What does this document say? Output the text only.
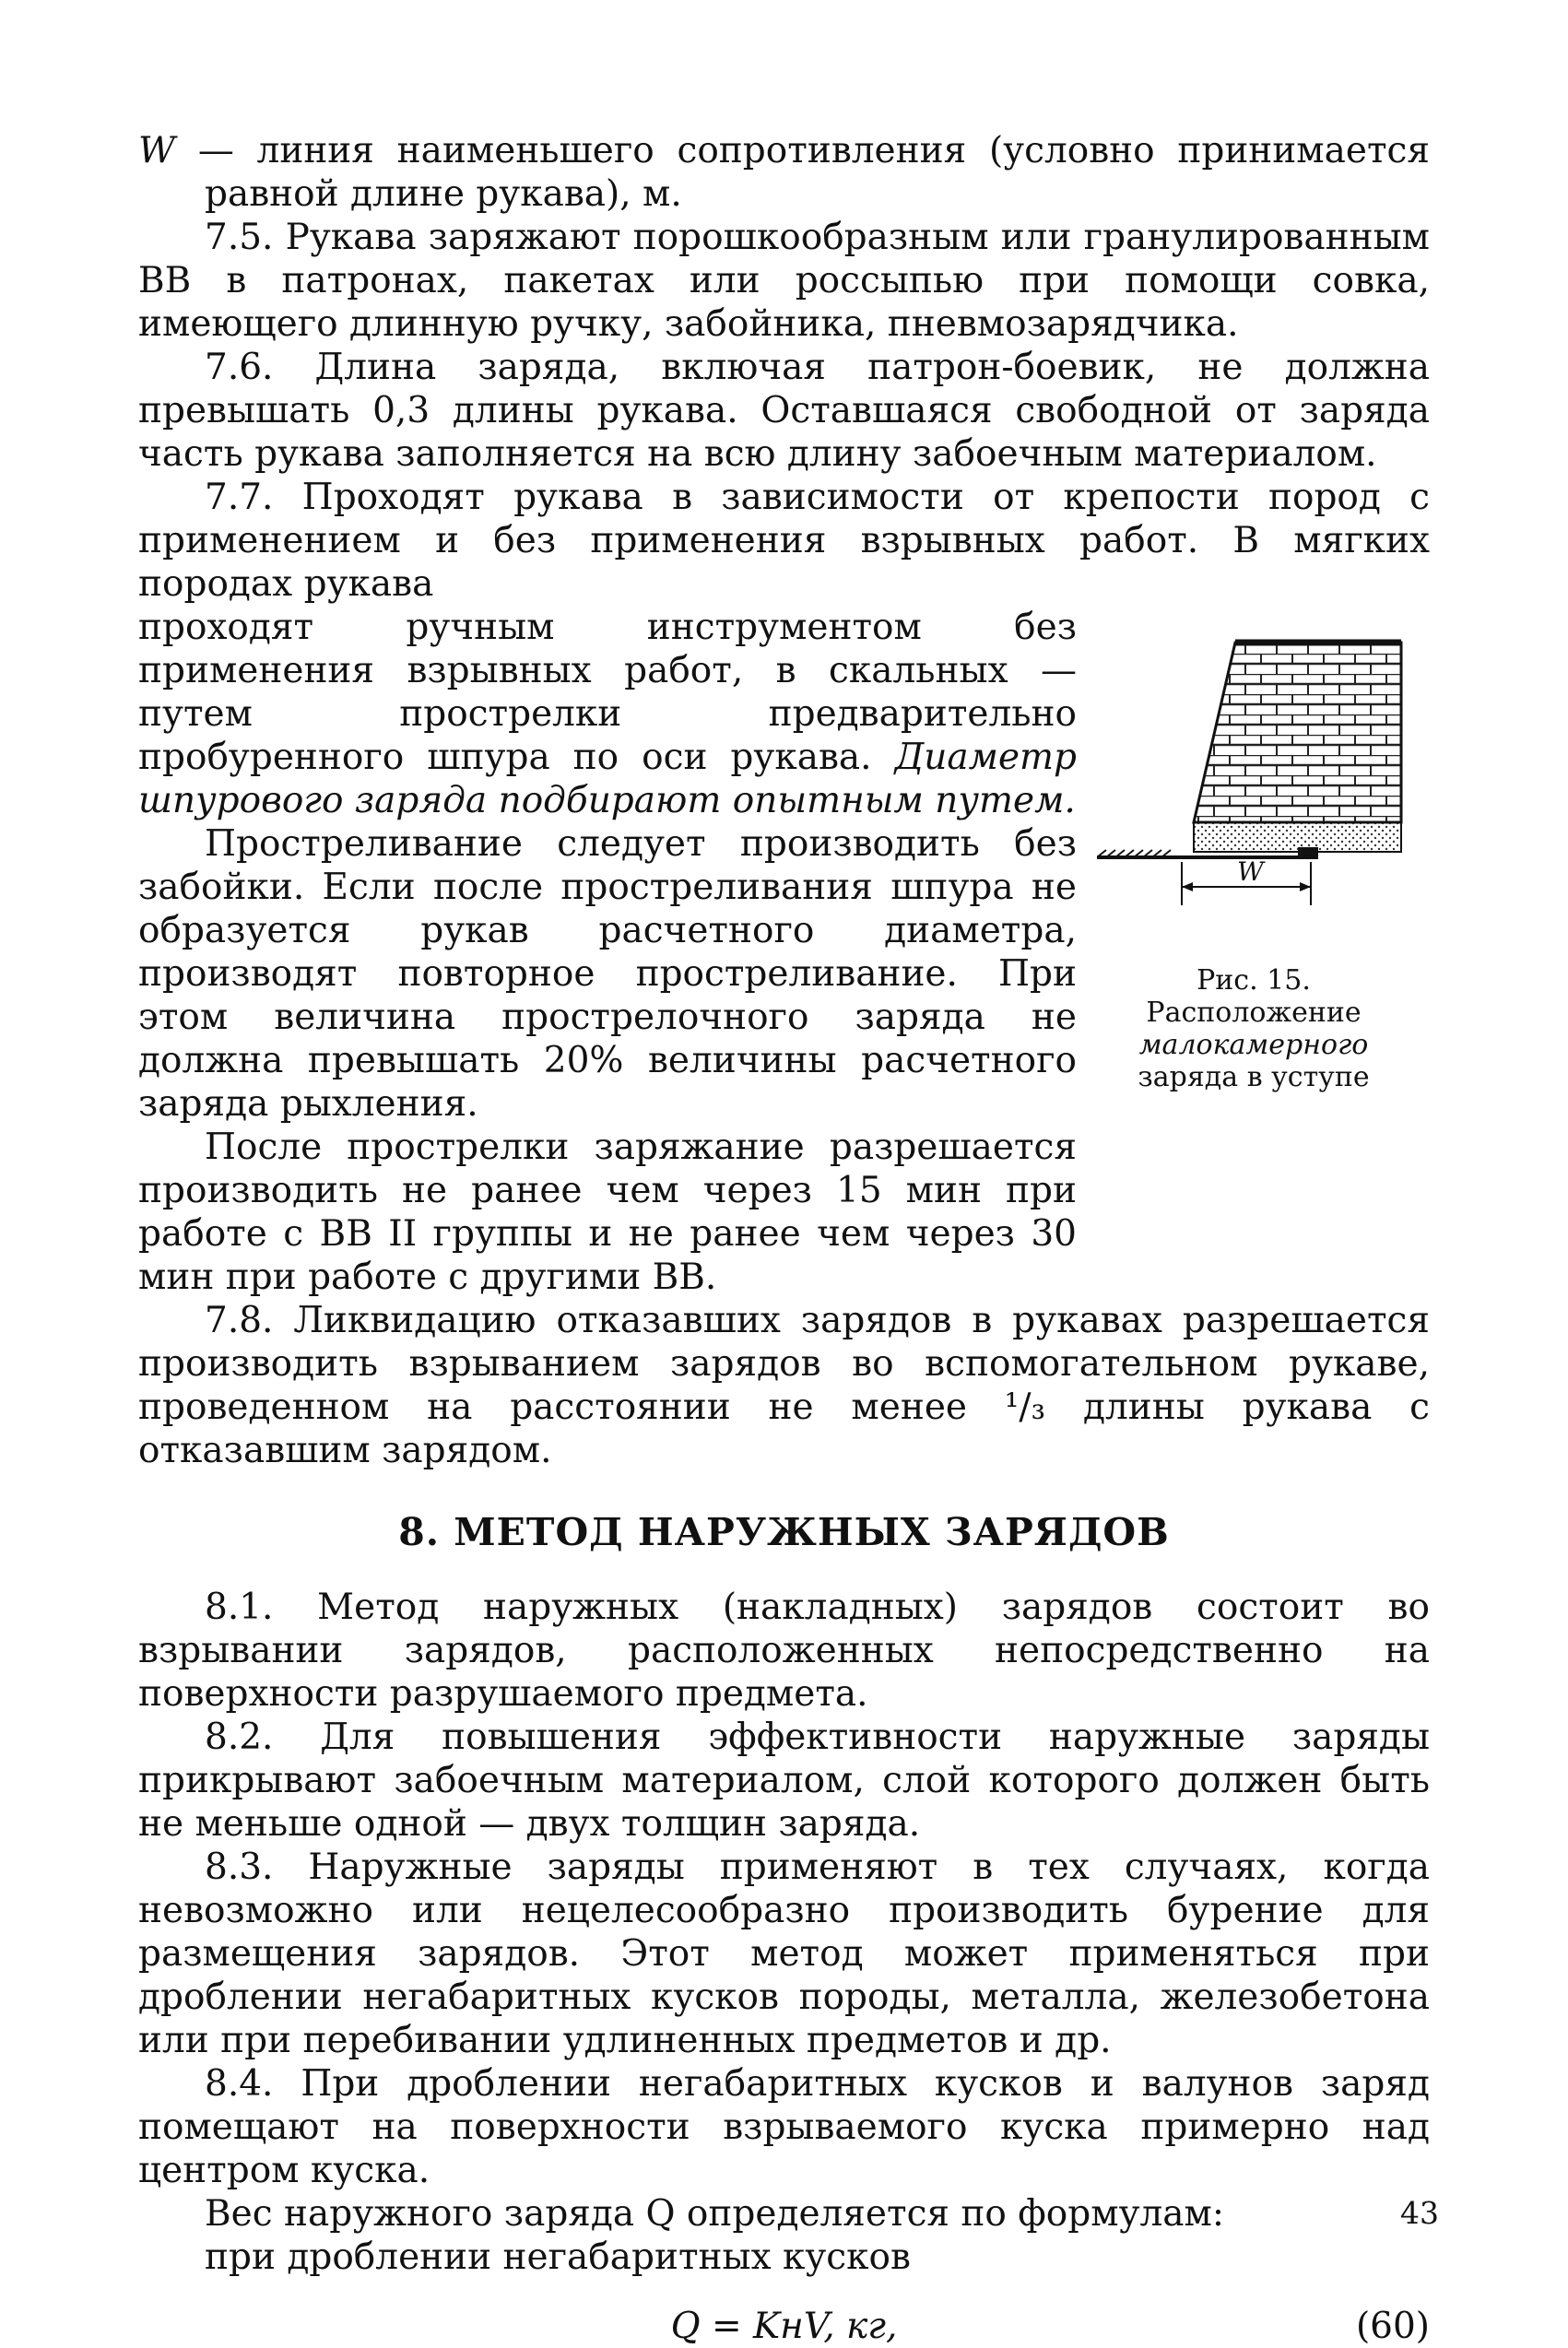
W — линия наименьшего сопротивления (условно принимается равной длине рукава), м.

7.5. Рукава заряжают порошкообразным или гранулированным ВВ в патронах, пакетах или россыпью при помощи совка, имеющего длинную ручку, забойника, пневмозарядчика.

7.6. Длина заряда, включая патрон-боевик, не должна превышать 0,3 длины рукава. Оставшаяся свободной от заряда часть рукава заполняется на всю длину забоечным материалом.

7.7. Проходят рукава в зависимости от крепости пород с применением и без применения взрывных работ. В мягких породах рукава

проходят ручным инструментом без применения взрывных работ, в скальных — путем прострелки предварительно пробуренного шпура по оси рукава. Диаметр шпурового заряда подбирают опытным путем.

Простреливание следует производить без забойки. Если после простреливания шпура не образуется рукав расчетного диаметра, производят повторное простреливание. При этом величина прострелочного заряда не должна превышать 20% величины расчетного заряда рыхления.

После прострелки заряжание разрешается производить не ранее чем через 15 мин при работе с ВВ II группы и не ранее чем через 30 мин при работе с другими ВВ.

W

Рис. 15. Расположение малокамерного заряда в уступе

7.8. Ликвидацию отказавших зарядов в рукавах разрешается производить взрыванием зарядов во вспомогательном рукаве, проведенном на расстоянии не менее ¹/₃ длины рукава с отказавшим зарядом.

8. МЕТОД НАРУЖНЫХ ЗАРЯДОВ

8.1. Метод наружных (накладных) зарядов состоит во взрывании зарядов, расположенных непосредственно на поверхности разрушаемого предмета.

8.2. Для повышения эффективности наружные заряды прикрывают забоечным материалом, слой которого должен быть не меньше одной — двух толщин заряда.

8.3. Наружные заряды применяют в тех случаях, когда невозможно или нецелесообразно производить бурение для размещения зарядов. Этот метод может применяться при дроблении негабаритных кусков породы, металла, железобетона или при перебивании удлиненных предметов и др.

8.4. При дроблении негабаритных кусков и валунов заряд помещают на поверхности взрываемого куска примерно над центром куска.

Вес наружного заряда Q определяется по формулам:

при дроблении негабаритных кусков

Q = KнV, кг,	(60)

43
